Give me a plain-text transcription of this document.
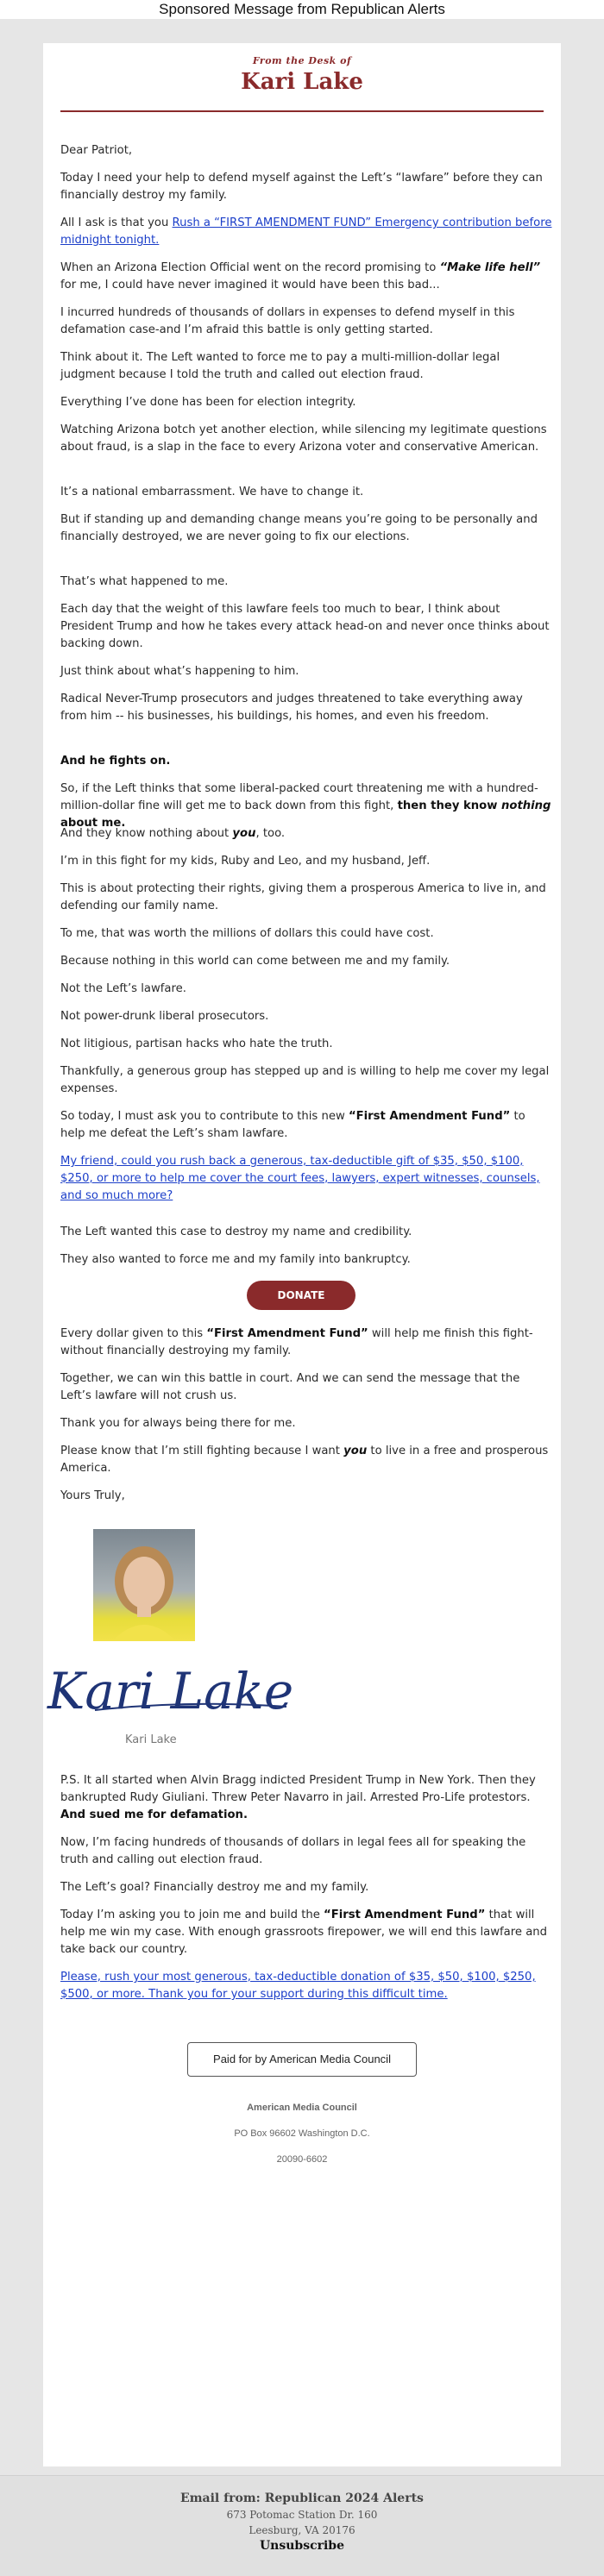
Sponsored Message from Republican Alerts
From the Desk of
Kari Lake

Dear Patriot,

Today I need your help to defend myself against the Left’s “lawfare” before they can financially destroy my family.

All I ask is that you Rush a “FIRST AMENDMENT FUND” Emergency contribution before midnight tonight.

When an Arizona Election Official went on the record promising to “Make life hell” for me, I could have never imagined it would have been this bad...

I incurred hundreds of thousands of dollars in expenses to defend myself in this defamation case-and I’m afraid this battle is only getting started.

Think about it. The Left wanted to force me to pay a multi-million-dollar legal judgment because I told the truth and called out election fraud.

Everything I’ve done has been for election integrity.

Watching Arizona botch yet another election, while silencing my legitimate questions about fraud, is a slap in the face to every Arizona voter and conservative American.

It’s a national embarrassment. We have to change it.

But if standing up and demanding change means you’re going to be personally and financially destroyed, we are never going to fix our elections.

That’s what happened to me.

Each day that the weight of this lawfare feels too much to bear, I think about President Trump and how he takes every attack head-on and never once thinks about backing down.

Just think about what’s happening to him.

Radical Never-Trump prosecutors and judges threatened to take everything away from him -- his businesses, his buildings, his homes, and even his freedom.

And he fights on.

So, if the Left thinks that some liberal-packed court threatening me with a hundred-million-dollar fine will get me to back down from this fight, then they know nothing about me.

And they know nothing about you, too.

I’m in this fight for my kids, Ruby and Leo, and my husband, Jeff.

This is about protecting their rights, giving them a prosperous America to live in, and defending our family name.

To me, that was worth the millions of dollars this could have cost.

Because nothing in this world can come between me and my family.

Not the Left’s lawfare.

Not power-drunk liberal prosecutors.

Not litigious, partisan hacks who hate the truth.

Thankfully, a generous group has stepped up and is willing to help me cover my legal expenses.

So today, I must ask you to contribute to this new “First Amendment Fund” to help me defeat the Left’s sham lawfare.

My friend, could you rush back a generous, tax-deductible gift of $35, $50, $100, $250, or more to help me cover the court fees, lawyers, expert witnesses, counsels, and so much more?

The Left wanted this case to destroy my name and credibility.

They also wanted to force me and my family into bankruptcy.

DONATE

Every dollar given to this “First Amendment Fund” will help me finish this fight-without financially destroying my family.

Together, we can win this battle in court. And we can send the message that the Left’s lawfare will not crush us.

Thank you for always being there for me.

Please know that I’m still fighting because I want you to live in a free and prosperous America.

Yours Truly,

Kari Lake
Kari Lake

P.S. It all started when Alvin Bragg indicted President Trump in New York. Then they bankrupted Rudy Giuliani. Threw Peter Navarro in jail. Arrested Pro-Life protestors. And sued me for defamation.

Now, I’m facing hundreds of thousands of dollars in legal fees all for speaking the truth and calling out election fraud.

The Left’s goal? Financially destroy me and my family.

Today I’m asking you to join me and build the “First Amendment Fund” that will help me win my case. With enough grassroots firepower, we will end this lawfare and take back our country.

Please, rush your most generous, tax-deductible donation of $35, $50, $100, $250, $500, or more. Thank you for your support during this difficult time.

Paid for by American Media Council
American Media Council
PO Box 96602 Washington D.C.
20090-6602
Email from: Republican 2024 Alerts
673 Potomac Station Dr. 160
Leesburg, VA 20176
Unsubscribe
